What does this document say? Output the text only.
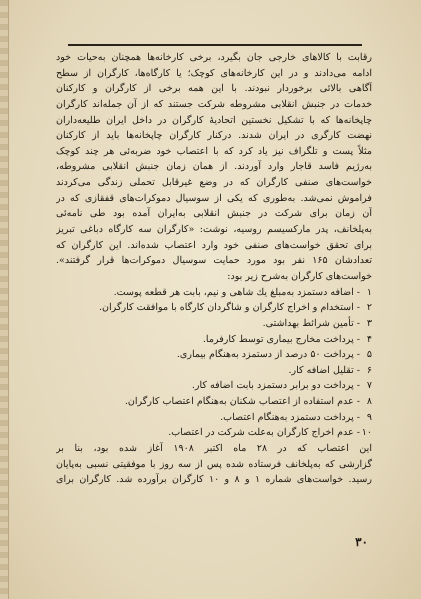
رقابت با کالاهای خارجی جان بگیرد، برخی کارخانه‌ها همچنان به‌حیات خود
ادامه می‌دادند و در این کارخانه‌های کوچک؛ یا کارگاه‌ها، کارگران از سطح
آگاهی بالائی برخوردار نبودند. با این همه برخی از کارگران و کارکنان
خدمات در جنبش انقلابی مشروطه شرکت جستند که از آن جمله‌اند کارگران
چاپخانه‌ها که با تشکیل نخستین اتحادیهٔ کارگران در داخل ایران طلیعه‌داران
نهضت کارگری در ایران شدند. درکنار کارگران چاپخانه‌ها باید از کارکنان
مثلاً پست و تلگراف نیز یاد کرد که با اعتصاب خود ضربه‌ئی هر چند کوچک
به‌رژیم فاسد قاجار وارد آوردند. از همان زمان جنبش انقلابی مشروطه،
خواست‌های صنفی کارگران که در وضع غیرقابل تحملی زندگی می‌کردند
فراموش نمی‌شد. به‌طوری که یکی از سوسیال دموکرات‌های قفقازی که در
آن زمان برای شرکت در جنبش انقلابی به‌ایران آمده بود طی نامه‌ئی
به‌پلخانف، پدر مارکسیسم روسیه، نوشت: «کارگران سه کارگاه دباغی تبریز
برای تحقق خواست‌های صنفی خود وارد اعتصاب شده‌اند. این کارگران که
تعدادشان ۱۶۵ نفر بود مورد حمایت سوسیال دموکرات‌ها قرار گرفتند».
خواست‌های کارگران به‌شرح زیر بود:
۱- اضافه دستمزد به‌مبلغ یك شاهی و نیم، بابت هر قطعه پوست.
۲- استخدام و اخراج کارگران و شاگردان کارگاه با موافقت کارگران.
۳- تأمین شرائط بهداشتی.
۴- پرداخت مخارج بیماری توسط کارفرما.
۵- پرداخت ۵۰ درصد از دستمزد به‌هنگام بیماری.
۶- تقلیل اضافه کار.
۷- پرداخت دو برابر دستمزد بابت اضافه کار.
۸- عدم استفاده از اعتصاب شکنان به‌هنگام اعتصاب کارگران.
۹- پرداخت دستمزد به‌هنگام اعتصاب.
۱۰- عدم اخراج کارگران به‌علت شرکت در اعتصاب.
این اعتصاب که در ۲۸ ماه اکتبر ۱۹۰۸ آغاز شده بود، بنا بر
گزارشی که به‌پلخانف فرستاده شده پس از سه روز با موفقیتی نسبی به‌پایان
رسید. خواست‌های شماره ۱ و ۸ و ۱۰ کارگران برآورده شد. کارگران برای
۳۰
